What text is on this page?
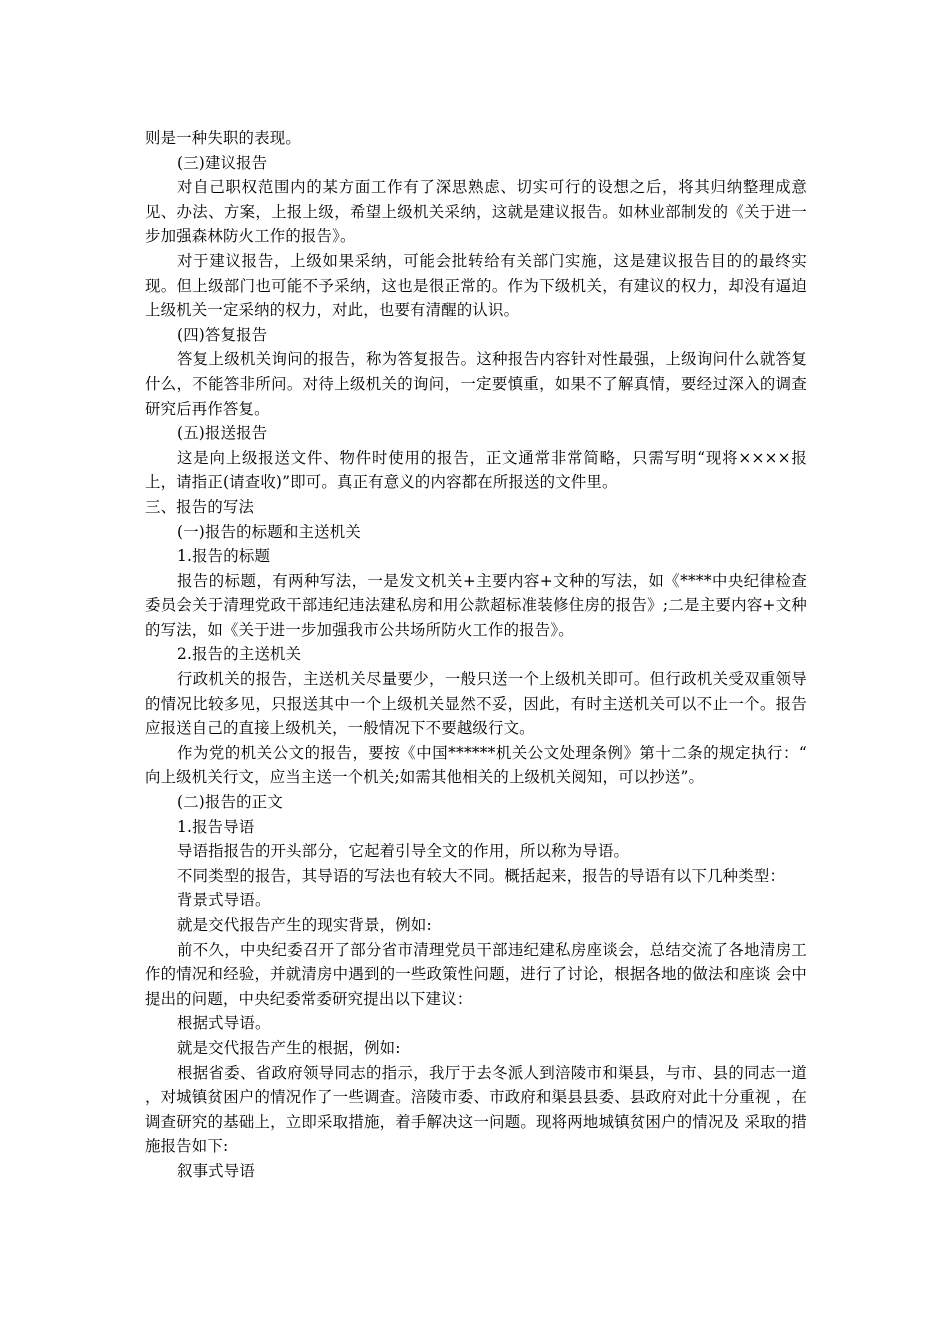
则是一种失职的表现。

(三)建议报告

对自己职权范围内的某方面工作有了深思熟虑、切实可行的设想之后，将其归纳整理成意见、办法、方案，上报上级，希望上级机关采纳，这就是建议报告。如林业部制发的《关于进一步加强森林防火工作的报告》。

对于建议报告，上级如果采纳，可能会批转给有关部门实施，这是建议报告目的的最终实现。但上级部门也可能不予采纳，这也是很正常的。作为下级机关，有建议的权力，却没有逼迫上级机关一定采纳的权力，对此，也要有清醒的认识。

(四)答复报告

答复上级机关询问的报告，称为答复报告。这种报告内容针对性最强，上级询问什么就答复什么，不能答非所问。对待上级机关的询问，一定要慎重，如果不了解真情，要经过深入的调查研究后再作答复。

(五)报送报告

这是向上级报送文件、物件时使用的报告，正文通常非常简略，只需写明“现将××××报上，请指正(请查收)”即可。真正有意义的内容都在所报送的文件里。

三、报告的写法

(一)报告的标题和主送机关

1.报告的标题

报告的标题，有两种写法，一是发文机关+主要内容+文种的写法，如《****中央纪律检查委员会关于清理党政干部违纪违法建私房和用公款超标准装修住房的报告》;二是主要内容+文种的写法，如《关于进一步加强我市公共场所防火工作的报告》。

2.报告的主送机关

行政机关的报告，主送机关尽量要少，一般只送一个上级机关即可。但行政机关受双重领导的情况比较多见，只报送其中一个上级机关显然不妥，因此，有时主送机关可以不止一个。报告应报送自己的直接上级机关，一般情况下不要越级行文。

作为党的机关公文的报告，要按《中国******机关公文处理条例》第十二条的规定执行：“ 向上级机关行文，应当主送一个机关;如需其他相关的上级机关阅知，可以抄送”。

(二)报告的正文

1.报告导语

导语指报告的开头部分，它起着引导全文的作用，所以称为导语。

不同类型的报告，其导语的写法也有较大不同。概括起来，报告的导语有以下几种类型：

背景式导语。

就是交代报告产生的现实背景，例如:

前不久，中央纪委召开了部分省市清理党员干部违纪建私房座谈会，总结交流了各地清房工 作的情况和经验，并就清房中遇到的一些政策性问题，进行了讨论，根据各地的做法和座谈 会中提出的问题，中央纪委常委研究提出以下建议：

根据式导语。

就是交代报告产生的根据，例如:

根据省委、省政府领导同志的指示，我厅于去冬派人到涪陵市和渠县，与市、县的同志一道 ，对城镇贫困户的情况作了一些调查。涪陵市委、市政府和渠县县委、县政府对此十分重视 ，在调查研究的基础上，立即采取措施，着手解决这一问题。现将两地城镇贫困户的情况及 采取的措施报告如下:

叙事式导语
